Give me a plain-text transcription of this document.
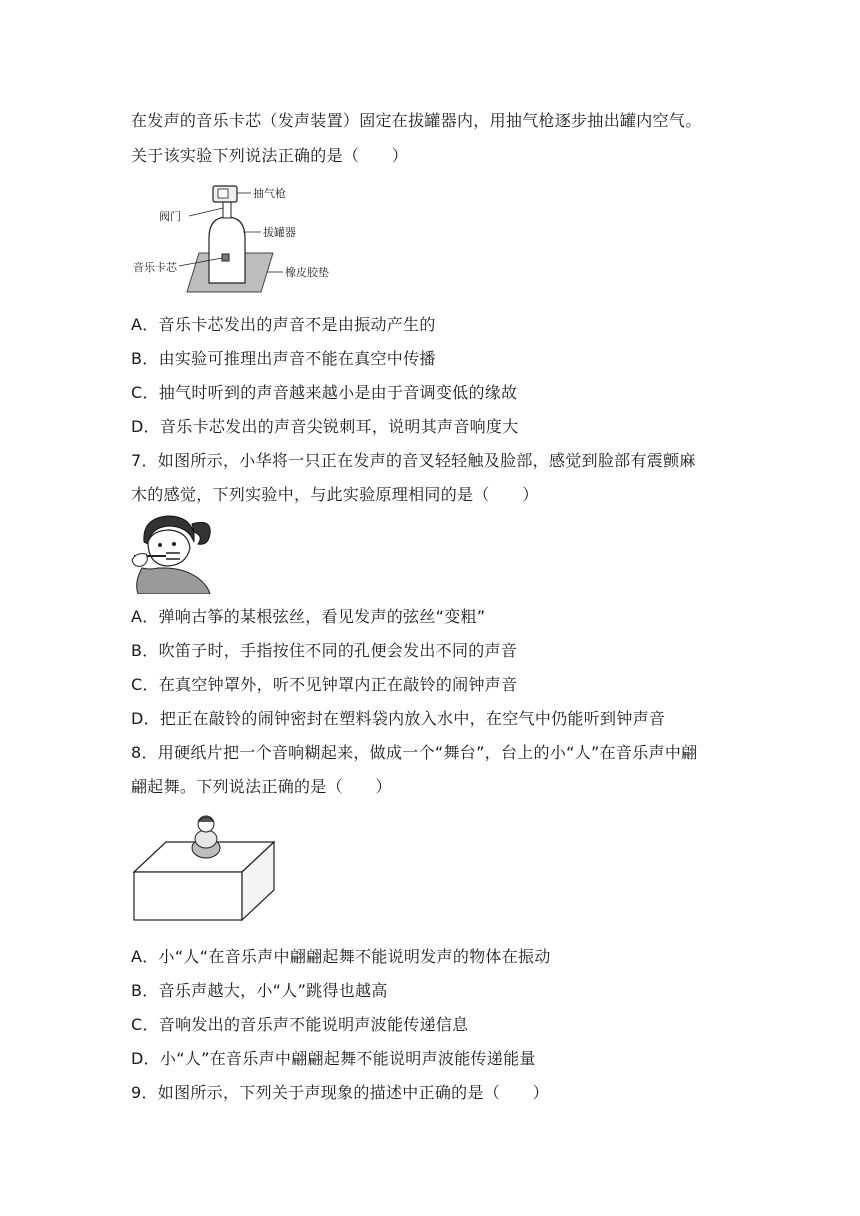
在发声的音乐卡芯（发声装置）固定在拔罐器内，用抽气枪逐步抽出罐内空气。
关于该实验下列说法正确的是（　　）
抽气枪
阀门
拔罐器
音乐卡芯	橡皮胶垫
A．音乐卡芯发出的声音不是由振动产生的
B．由实验可推理出声音不能在真空中传播
C．抽气时听到的声音越来越小是由于音调变低的缘故
D．音乐卡芯发出的声音尖锐刺耳，说明其声音响度大
7．如图所示，小华将一只正在发声的音叉轻轻触及脸部，感觉到脸部有震颤麻
木的感觉，下列实验中，与此实验原理相同的是（　　）
A．弹响古筝的某根弦丝，看见发声的弦丝“变粗”
B．吹笛子时，手指按住不同的孔便会发出不同的声音
C．在真空钟罩外，听不见钟罩内正在敲铃的闹钟声音
D．把正在敲铃的闹钟密封在塑料袋内放入水中，在空气中仍能听到钟声音
8．用硬纸片把一个音响糊起来，做成一个“舞台”，台上的小“人”在音乐声中翩
翩起舞。下列说法正确的是（　　）
A．小“人“在音乐声中翩翩起舞不能说明发声的物体在振动
B．音乐声越大，小“人”跳得也越高
C．音响发出的音乐声不能说明声波能传递信息
D．小“人”在音乐声中翩翩起舞不能说明声波能传递能量
9．如图所示，下列关于声现象的描述中正确的是（　　）
